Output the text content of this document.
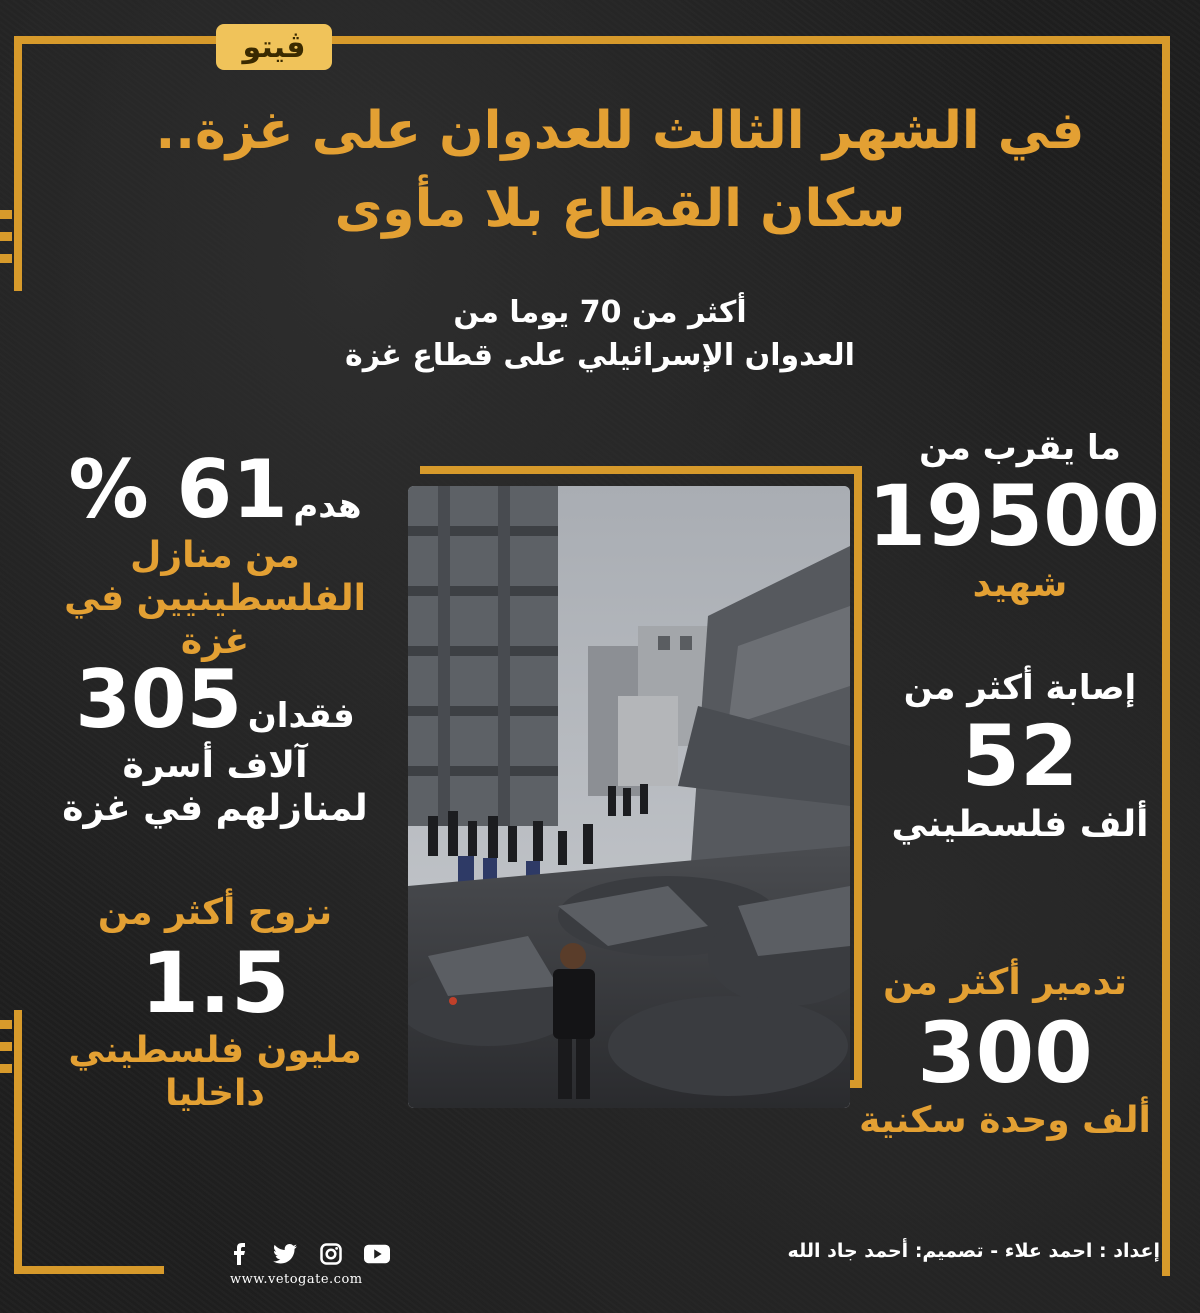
ڤيتو
في الشهر الثالث للعدوان على غزة..
سكان القطاع بلا مأوى
أكثر من 70 يوما من
العدوان الإسرائيلي على قطاع غزة
ما يقرب من
19500
شهيد
إصابة أكثر من
52
ألف فلسطيني
تدمير أكثر من
300
ألف وحدة سكنية
هدم 61 %
من منازل
الفلسطينيين في غزة
فقدان 305
آلاف أسرة
لمنازلهم في غزة
نزوح أكثر من
1.5
مليون فلسطيني
داخليا
www.vetogate.com
إعداد : احمد علاء - تصميم: أحمد جاد الله
